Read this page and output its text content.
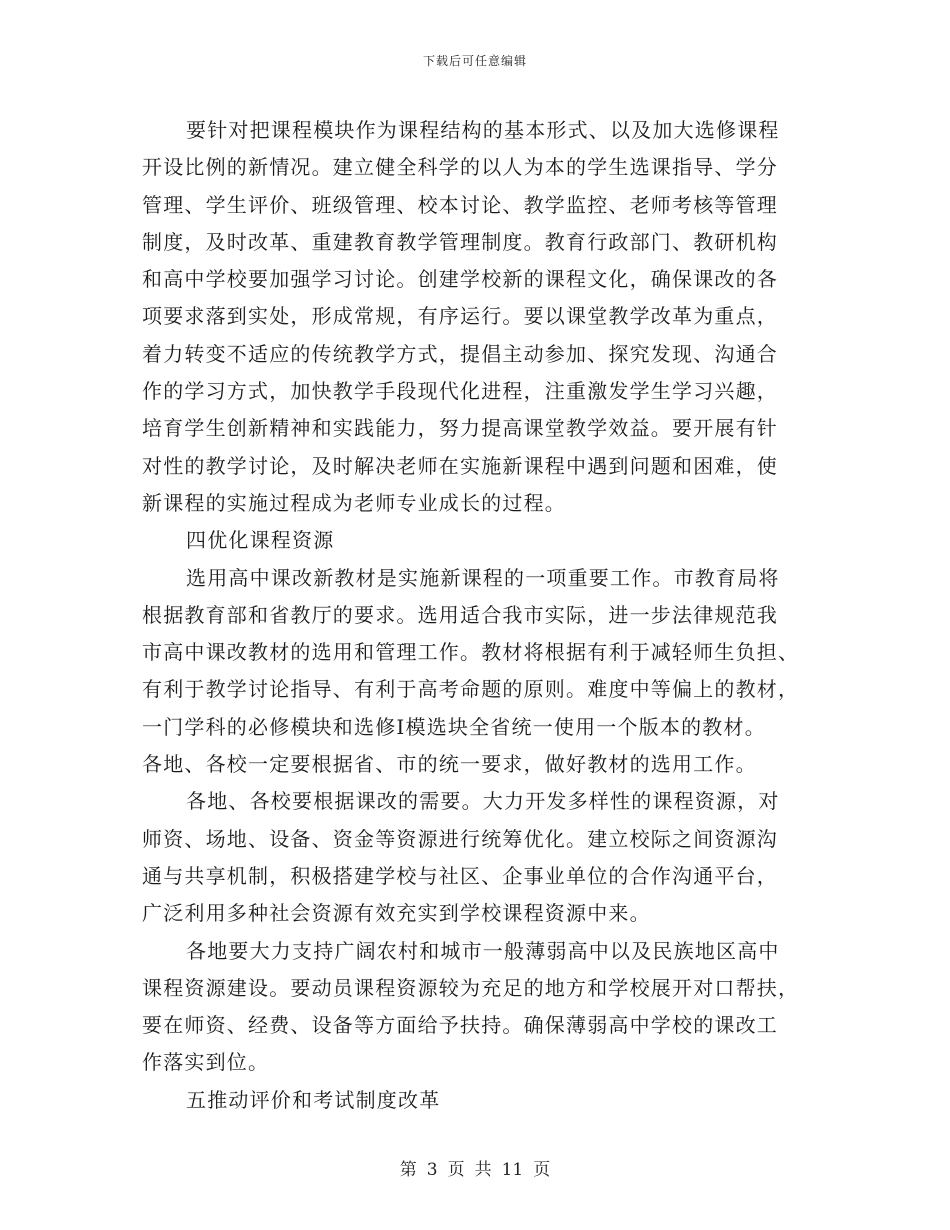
下载后可任意编辑
要针对把课程模块作为课程结构的基本形式、以及加大选修课程
开设比例的新情况。建立健全科学的以人为本的学生选课指导、学分
管理、学生评价、班级管理、校本讨论、教学监控、老师考核等管理
制度，及时改革、重建教育教学管理制度。教育行政部门、教研机构
和高中学校要加强学习讨论。创建学校新的课程文化，确保课改的各
项要求落到实处，形成常规，有序运行。要以课堂教学改革为重点，
着力转变不适应的传统教学方式，提倡主动参加、探究发现、沟通合
作的学习方式，加快教学手段现代化进程，注重激发学生学习兴趣，
培育学生创新精神和实践能力，努力提高课堂教学效益。要开展有针
对性的教学讨论，及时解决老师在实施新课程中遇到问题和困难，使
新课程的实施过程成为老师专业成长的过程。
四优化课程资源
选用高中课改新教材是实施新课程的一项重要工作。市教育局将
根据教育部和省教厅的要求。选用适合我市实际，进一步法律规范我
市高中课改教材的选用和管理工作。教材将根据有利于减轻师生负担、
有利于教学讨论指导、有利于高考命题的原则。难度中等偏上的教材，
一门学科的必修模块和选修Ⅰ模选块全省统一使用一个版本的教材。
各地、各校一定要根据省、市的统一要求，做好教材的选用工作。
各地、各校要根据课改的需要。大力开发多样性的课程资源，对
师资、场地、设备、资金等资源进行统筹优化。建立校际之间资源沟
通与共享机制，积极搭建学校与社区、企事业单位的合作沟通平台，
广泛利用多种社会资源有效充实到学校课程资源中来。
各地要大力支持广阔农村和城市一般薄弱高中以及民族地区高中
课程资源建设。要动员课程资源较为充足的地方和学校展开对口帮扶，
要在师资、经费、设备等方面给予扶持。确保薄弱高中学校的课改工
作落实到位。
五推动评价和考试制度改革
第 3 页 共 11 页
